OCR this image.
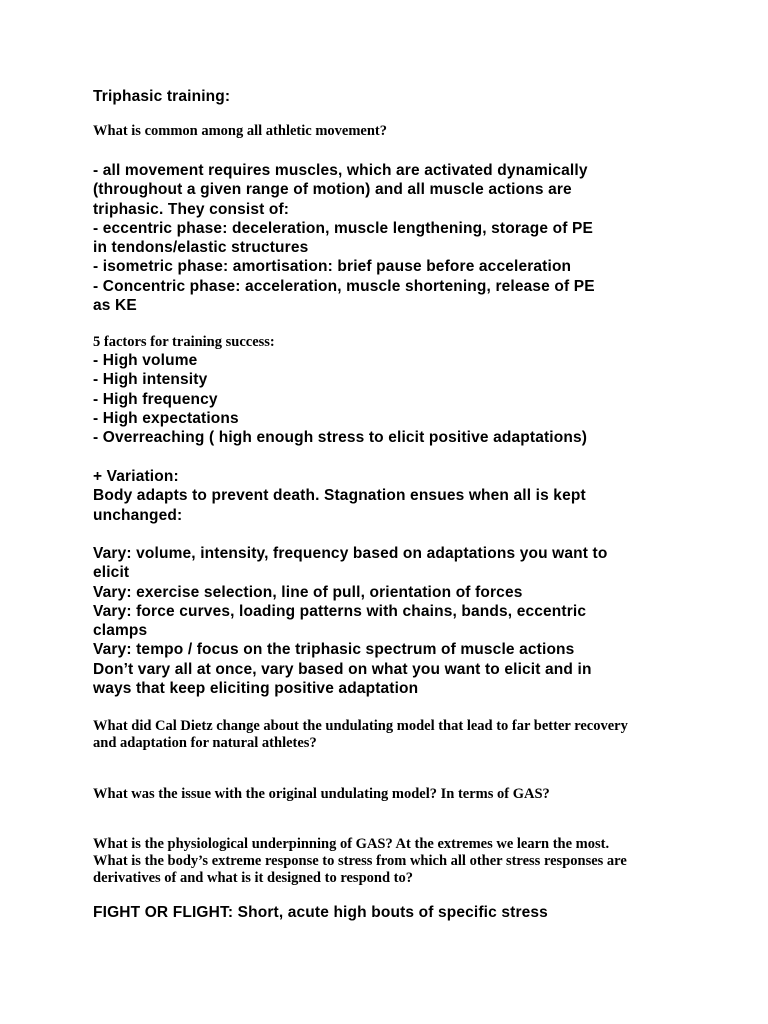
Triphasic training:

What is common among all athletic movement?

- all movement requires muscles, which are activated dynamically
(throughout a given range of motion) and all muscle actions are
triphasic. They consist of:
- eccentric phase: deceleration, muscle lengthening, storage of PE
in tendons/elastic structures
- isometric phase: amortisation: brief pause before acceleration
- Concentric phase: acceleration, muscle shortening, release of PE
as KE

5 factors for training success:

- High volume
- High intensity
- High frequency
- High expectations
- Overreaching ( high enough stress to elicit positive adaptations)
+ Variation:
Body adapts to prevent death. Stagnation ensues when all is kept
unchanged:
Vary: volume, intensity, frequency based on adaptations you want to
elicit
Vary: exercise selection, line of pull, orientation of forces
Vary: force curves, loading patterns with chains, bands, eccentric
clamps
Vary: tempo / focus on the triphasic spectrum of muscle actions
Don’t vary all at once, vary based on what you want to elicit and in
ways that keep eliciting positive adaptation
What did Cal Dietz change about the undulating model that lead to far better recovery
and adaptation for natural athletes?

What was the issue with the original undulating model? In terms of GAS?

What is the physiological underpinning of GAS? At the extremes we learn the most.
What is the body’s extreme response to stress from which all other stress responses are
derivatives of and what is it designed to respond to?

FIGHT OR FLIGHT: Short, acute high bouts of specific stress
